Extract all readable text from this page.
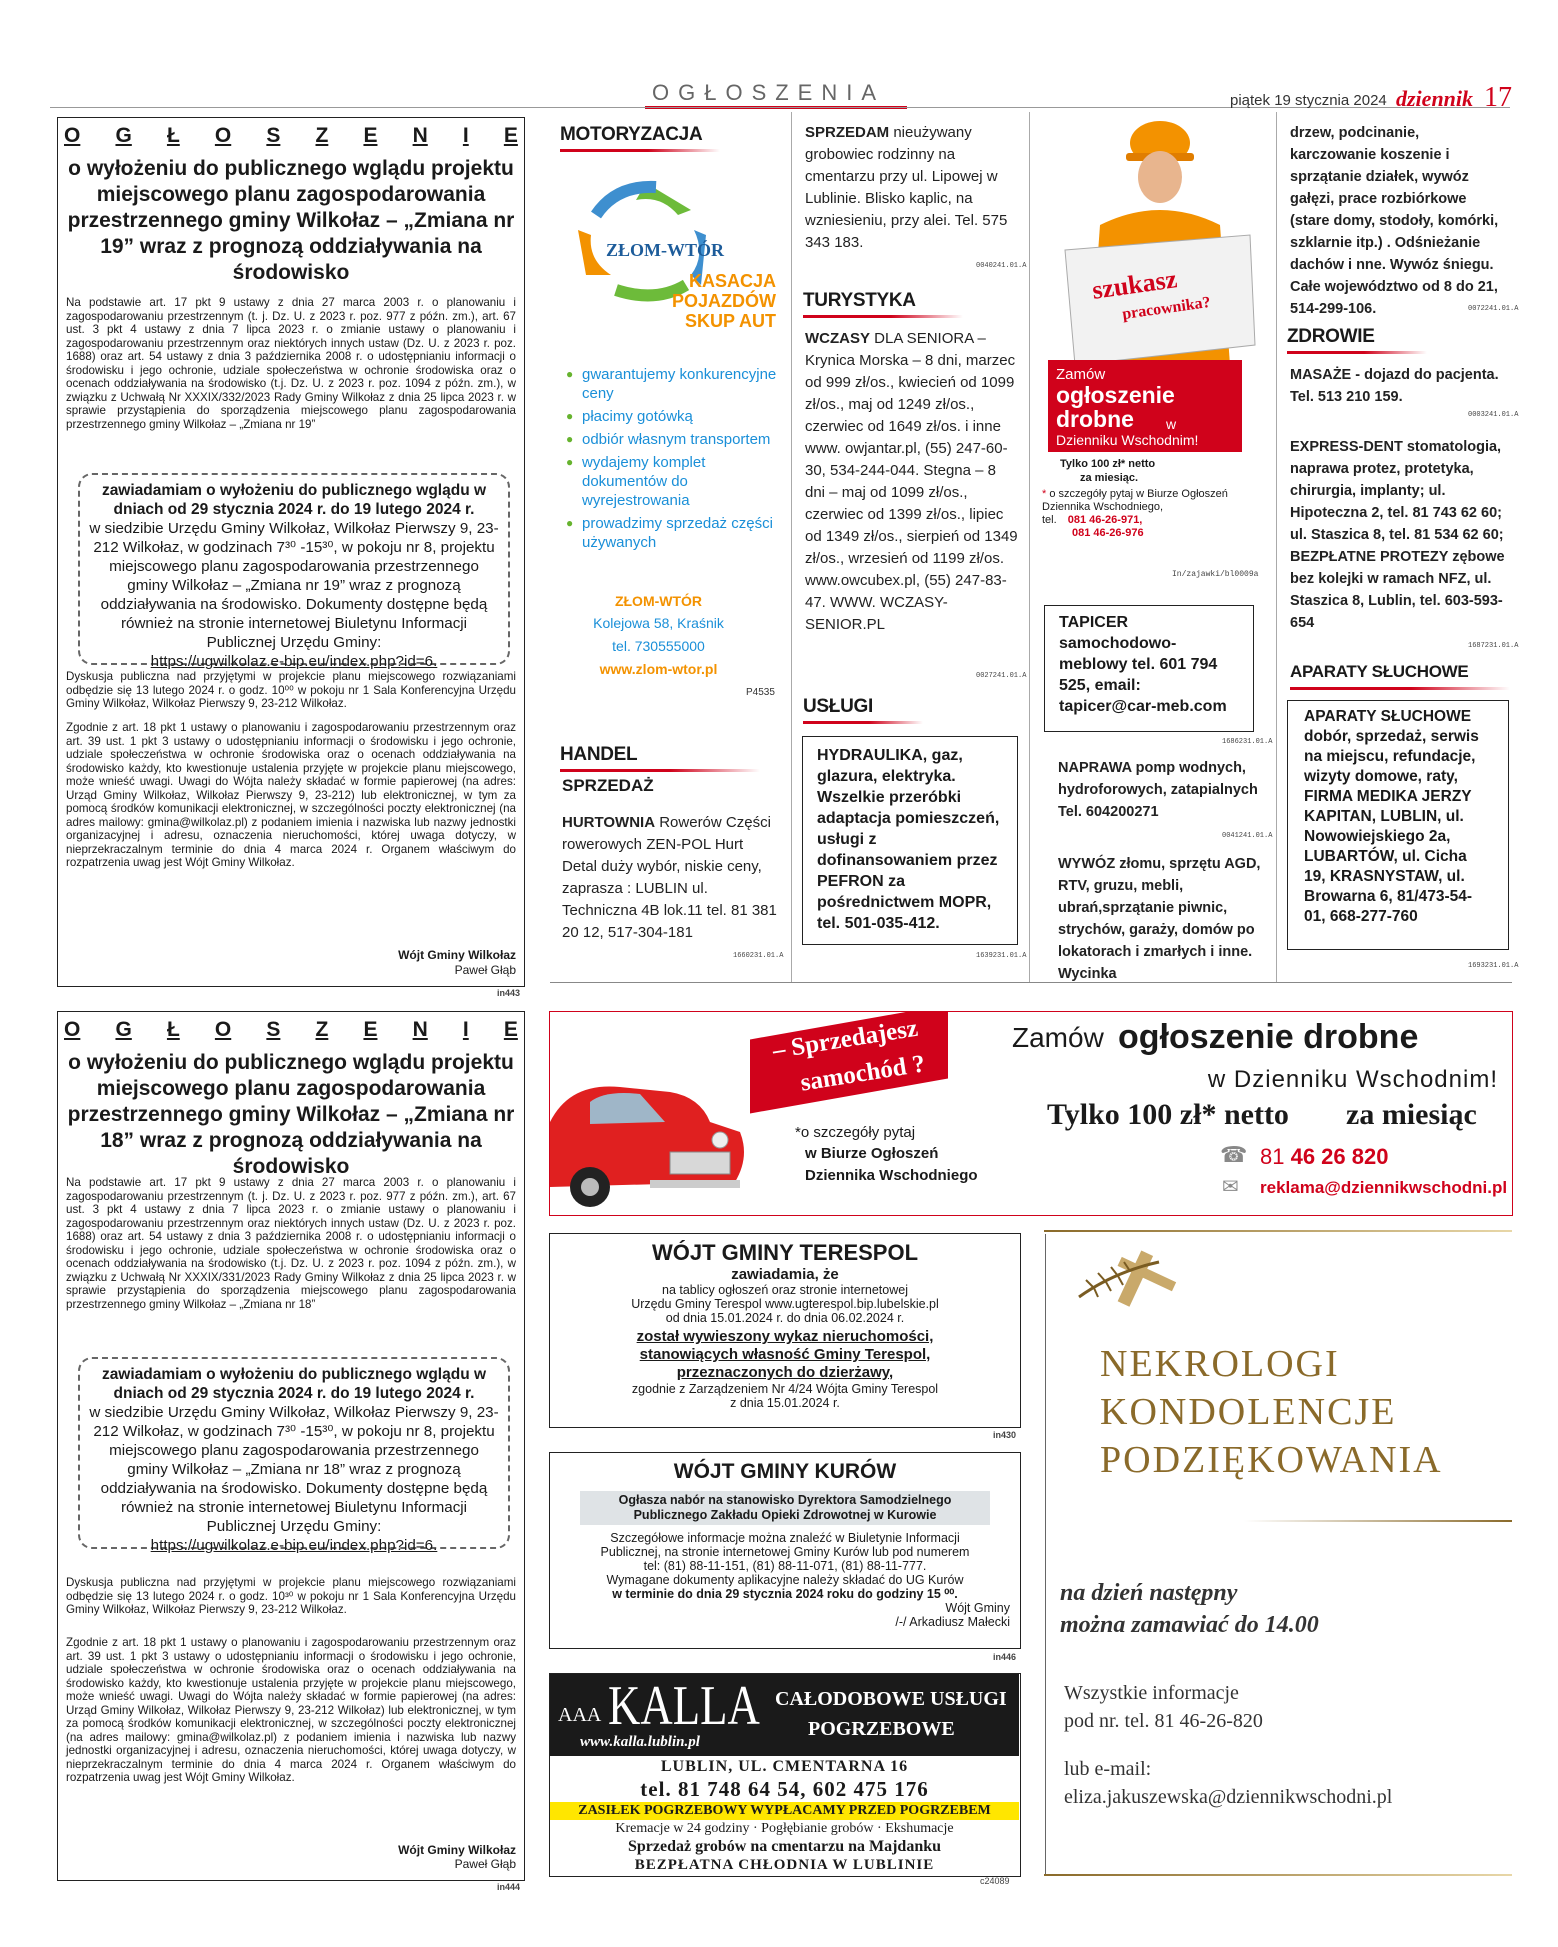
OGŁOSZENIA	piątek 19 stycznia 2024 dziennik 17
O G Ł O S Z E N I E
o wyłożeniu do publicznego wglądu projektu miejscowego planu zagospodarowania przestrzennego gminy Wilkołaz – „Zmiana nr 19” wraz z prognozą oddziaływania na środowisko
Na podstawie art. 17 pkt 9 ustawy z dnia 27 marca 2003 r. o planowaniu i zagospodarowaniu przestrzennym (t. j. Dz. U. z 2023 r. poz. 977 z późn. zm.), art. 67 ust. 3 pkt 4 ustawy z dnia 7 lipca 2023 r. o zmianie ustawy o planowaniu i zagospodarowaniu przestrzennym oraz niektórych innych ustaw (Dz. U. z 2023 r. poz. 1688) oraz art. 54 ustawy z dnia 3 października 2008 r. o udostępnianiu informacji o środowisku i jego ochronie, udziale społeczeństwa w ochronie środowiska oraz o ocenach oddziaływania na środowisko (t.j. Dz. U. z 2023 r. poz. 1094 z późn. zm.), w związku z Uchwałą Nr XXXIX/332/2023 Rady Gminy Wilkołaz z dnia 25 lipca 2023 r. w sprawie przystąpienia do sporządzenia miejscowego planu zagospodarowania przestrzennego gminy Wilkołaz – „Zmiana nr 19”
zawiadamiam o wyłożeniu do publicznego wglądu w dniach od 29 stycznia 2024 r. do 19 lutego 2024 r.
w siedzibie Urzędu Gminy Wilkołaz, Wilkołaz Pierwszy 9, 23-212 Wilkołaz, w godzinach 7³⁰ -15³⁰, w pokoju nr 8, projektu miejscowego planu zagospodarowania przestrzennego gminy Wilkołaz – „Zmiana nr 19” wraz z prognozą oddziaływania na środowisko. Dokumenty dostępne będą również na stronie internetowej Biuletynu Informacji Publicznej Urzędu Gminy:
https://ugwilkolaz.e-bip.eu/index.php?id=6.
Dyskusja publiczna nad przyjętymi w projekcie planu miejscowego rozwiązaniami odbędzie się 13 lutego 2024 r. o godz. 10⁰⁰ w pokoju nr 1 Sala Konferencyjna Urzędu Gminy Wilkołaz, Wilkołaz Pierwszy 9, 23-212 Wilkołaz.
Zgodnie z art. 18 pkt 1 ustawy o planowaniu i zagospodarowaniu przestrzennym oraz art. 39 ust. 1 pkt 3 ustawy o udostępnianiu informacji o środowisku i jego ochronie, udziale społeczeństwa w ochronie środowiska oraz o ocenach oddziaływania na środowisko każdy, kto kwestionuje ustalenia przyjęte w projekcie planu miejscowego, może wnieść uwagi. Uwagi do Wójta należy składać w formie papierowej (na adres: Urząd Gminy Wilkołaz, Wilkołaz Pierwszy 9, 23-212) lub elektronicznej, w tym za pomocą środków komunikacji elektronicznej, w szczególności poczty elektronicznej (na adres mailowy: gmina@wilkolaz.pl) z podaniem imienia i nazwiska lub nazwy jednostki organizacyjnej i adresu, oznaczenia nieruchomości, której uwaga dotyczy, w nieprzekraczalnym terminie do dnia 4 marca 2024 r. Organem właściwym do rozpatrzenia uwag jest Wójt Gminy Wilkołaz.
Wójt Gminy Wilkołaz
Paweł Głąb
in443
O G Ł O S Z E N I E
o wyłożeniu do publicznego wglądu projektu miejscowego planu zagospodarowania przestrzennego gminy Wilkołaz – „Zmiana nr 18” wraz z prognozą oddziaływania na środowisko
Na podstawie art. 17 pkt 9 ustawy z dnia 27 marca 2003 r. o planowaniu i zagospodarowaniu przestrzennym (t. j. Dz. U. z 2023 r. poz. 977 z późn. zm.), art. 67 ust. 3 pkt 4 ustawy z dnia 7 lipca 2023 r. o zmianie ustawy o planowaniu i zagospodarowaniu przestrzennym oraz niektórych innych ustaw (Dz. U. z 2023 r. poz. 1688) oraz art. 54 ustawy z dnia 3 października 2008 r. o udostępnianiu informacji o środowisku i jego ochronie, udziale społeczeństwa w ochronie środowiska oraz o ocenach oddziaływania na środowisko (t.j. Dz. U. z 2023 r. poz. 1094 z późn. zm.), w związku z Uchwałą Nr XXXIX/331/2023 Rady Gminy Wilkołaz z dnia 25 lipca 2023 r. w sprawie przystąpienia do sporządzenia miejscowego planu zagospodarowania przestrzennego gminy Wilkołaz – „Zmiana nr 18”
zawiadamiam o wyłożeniu do publicznego wglądu w dniach od 29 stycznia 2024 r. do 19 lutego 2024 r.
w siedzibie Urzędu Gminy Wilkołaz, Wilkołaz Pierwszy 9, 23-212 Wilkołaz, w godzinach 7³⁰ -15³⁰, w pokoju nr 8, projektu miejscowego planu zagospodarowania przestrzennego gminy Wilkołaz – „Zmiana nr 18” wraz z prognozą oddziaływania na środowisko. Dokumenty dostępne będą również na stronie internetowej Biuletynu Informacji Publicznej Urzędu Gminy:
https://ugwilkolaz.e-bip.eu/index.php?id=6.
Dyskusja publiczna nad przyjętymi w projekcie planu miejscowego rozwiązaniami odbędzie się 13 lutego 2024 r. o godz. 10³⁰ w pokoju nr 1 Sala Konferencyjna Urzędu Gminy Wilkołaz, Wilkołaz Pierwszy 9, 23-212 Wilkołaz.
Zgodnie z art. 18 pkt 1 ustawy o planowaniu i zagospodarowaniu przestrzennym oraz art. 39 ust. 1 pkt 3 ustawy o udostępnianiu informacji o środowisku i jego ochronie, udziale społeczeństwa w ochronie środowiska oraz o ocenach oddziaływania na środowisko każdy, kto kwestionuje ustalenia przyjęte w projekcie planu miejscowego, może wnieść uwagi. Uwagi do Wójta należy składać w formie papierowej (na adres: Urząd Gminy Wilkołaz, Wilkołaz Pierwszy 9, 23-212 Wilkołaz) lub elektronicznej, w tym za pomocą środków komunikacji elektronicznej, w szczególności poczty elektronicznej (na adres mailowy: gmina@wilkolaz.pl) z podaniem imienia i nazwiska lub nazwy jednostki organizacyjnej i adresu, oznaczenia nieruchomości, której uwaga dotyczy, w nieprzekraczalnym terminie do dnia 4 marca 2024 r. Organem właściwym do rozpatrzenia uwag jest Wójt Gminy Wilkołaz.
Wójt Gminy Wilkołaz
Paweł Głąb
in444
MOTORYZACJA
ZŁOM-WTÓR
KASACJA
POJAZDÓW
SKUP AUT
● gwarantujemy konkurencyjne ceny
● płacimy gotówką
● odbiór własnym transportem
● wydajemy komplet dokumentów do wyrejestrowania
● prowadzimy sprzedaż części używanych
ZŁOM-WTÓR
Kolejowa 58, Kraśnik
tel. 730555000
www.zlom-wtor.pl
P4535
HANDEL
SPRZEDAŻ
HURTOWNIA Rowerów Części rowerowych ZEN-POL Hurt Detal duży wybór, niskie ceny, zapraszа : LUBLIN ul. Techniczna 4B lok.11 tel. 81 381 20 12, 517-304-181
1660231.01.A
SPRZEDAM nieużywany grobowiec rodzinny na cmentarzu przy ul. Lipowej w Lublinie. Blisko kaplic, na wzniesieniu, przy alei. Tel. 575 343 183.
0040241.01.A
TURYSTYKA
WCZASY DLA SENIORA – Krynica Morska – 8 dni, marzec od 999 zł/os., kwiecień od 1099 zł/os., maj od 1249 zł/os., czerwiec od 1649 zł/os. i inne www. owjantar.pl, (55) 247-60-30, 534-244-044. Stegna – 8 dni – maj od 1099 zł/os., czerwiec od 1399 zł/os., lipiec od 1349 zł/os., sierpień od 1349 zł/os., wrzesień od 1199 zł/os. www.owcubex.pl, (55) 247-83-47. WWW. WCZASY-SENIOR.PL
0027241.01.A
USŁUGI
HYDRAULIKA, gaz, glazura, elektryka. Wszelkie przeróbki adaptacja pomieszczeń, usługi z dofinansowaniem przez PEFRON za pośrednictwem MOPR, tel. 501-035-412.
1639231.01.A
szukasz
pracownika?
Zamów
ogłoszenie
drobne w
Dzienniku Wschodnim!
Tylko 100 zł* netto
za miesiąc.
* o szczegóły pytaj w Biurze Ogłoszeń Dziennika Wschodniego,
tel. 081 46-26-971,
081 46-26-976
In/zajawki/bl0009a
TAPICER samochodowo-meblowy tel. 601 794 525, email: tapicer@car-meb.com
1686231.01.A
NAPRAWA pomp wodnych, hydroforowych, zatapialnych Tel. 604200271
0041241.01.A
WYWÓZ złomu, sprzętu AGD, RTV, gruzu, mebli, ubrań,sprzątanie piwnic, strychów, garaży, domów po lokatorach i zmarłych i inne. Wycinka
drzew, podcinanie, karczowanie koszenie i sprzątanie działek, wywóz gałęzi, prace rozbiórkowe (stare domy, stodoły, komórki, szklarnie itp.) . Odśnieżanie dachów i nne. Wywóz śniegu. Całe województwo od 8 do 21, 514-299-106.	0072241.01.A
ZDROWIE
MASAŻE - dojazd do pacjenta. Tel. 513 210 159.
0003241.01.A
EXPRESS-DENT stomatologia, naprawa protez, protetyka, chirurgia, implanty; ul. Hipoteczna 2, tel. 81 743 62 60; ul. Staszica 8, tel. 81 534 62 60; BEZPŁATNE PROTEZY zębowe bez kolejki w ramach NFZ, ul. Staszica 8, Lublin, tel. 603-593-654
1687231.01.A
APARATY SŁUCHOWE
APARATY SŁUCHOWE dobór, sprzedaż, serwis na miejscu, refundacje, wizyty domowe, raty, FIRMA MEDIKA JERZY KAPITAN, LUBLIN, ul. Nowowiejskiego 2a, LUBARTÓW, ul. Cicha 19, KRASNYSTAW, ul. Browarna 6, 81/473-54-01, 668-277-760
1693231.01.A
– Sprzedajesz
samochód ?
*o szczegóły pytaj
w Biurze Ogłoszeń
Dziennika Wschodniego
Zamów ogłoszenie drobne
w Dzienniku Wschodnim!
Tylko 100 zł* netto za miesiąc
☎ 81 46 26 820
✉ reklama@dziennikwschodni.pl
WÓJT GMINY TERESPOL
zawiadamia, że
na tablicy ogłoszeń oraz stronie internetowej
Urzędu Gminy Terespol www.ugterespol.bip.lubelskie.pl
od dnia 15.01.2024 r. do dnia 06.02.2024 r.
został wywieszony wykaz nieruchomości,
stanowiących własność Gminy Terespol,
przeznaczonych do dzierżawy,
zgodnie z Zarządzeniem Nr 4/24 Wójta Gminy Terespol
z dnia 15.01.2024 r.
in430
WÓJT GMINY KURÓW
Ogłasza nabór na stanowisko Dyrektora Samodzielnego
Publicznego Zakładu Opieki Zdrowotnej w Kurowie
Szczegółowe informacje można znaleźć w Biuletynie Informacji
Publicznej, na stronie internetowej Gminy Kurów lub pod numerem
tel: (81) 88-11-151, (81) 88-11-071, (81) 88-11-777.
Wymagane dokumenty aplikacyjne należy składać do UG Kurów
w terminie do dnia 29 stycznia 2024 roku do godziny 15 ⁰⁰.
Wójt Gminy
/-/ Arkadiusz Małecki
in446
AAA KALLA
www.kalla.lublin.pl
CAŁODOBOWE USŁUGI
POGRZEBOWE
LUBLIN, UL. CMENTARNA 16
tel. 81 748 64 54, 602 475 176
ZASIŁEK POGRZEBOWY WYPŁACAMY PRZED POGRZEBEM
Kremacje w 24 godziny · Pogłębianie grobów · Ekshumacje
Sprzedaż grobów na cmentarzu na Majdanku
BEZPŁATNA CHŁODNIA W LUBLINIE
c24089
NEKROLOGI
KONDOLENCJE
PODZIĘKOWANIA
na dzień następny
można zamawiać do 14.00
Wszystkie informacje
pod nr. tel. 81 46-26-820
lub e-mail:
eliza.jakuszewska@dziennikwschodni.pl
